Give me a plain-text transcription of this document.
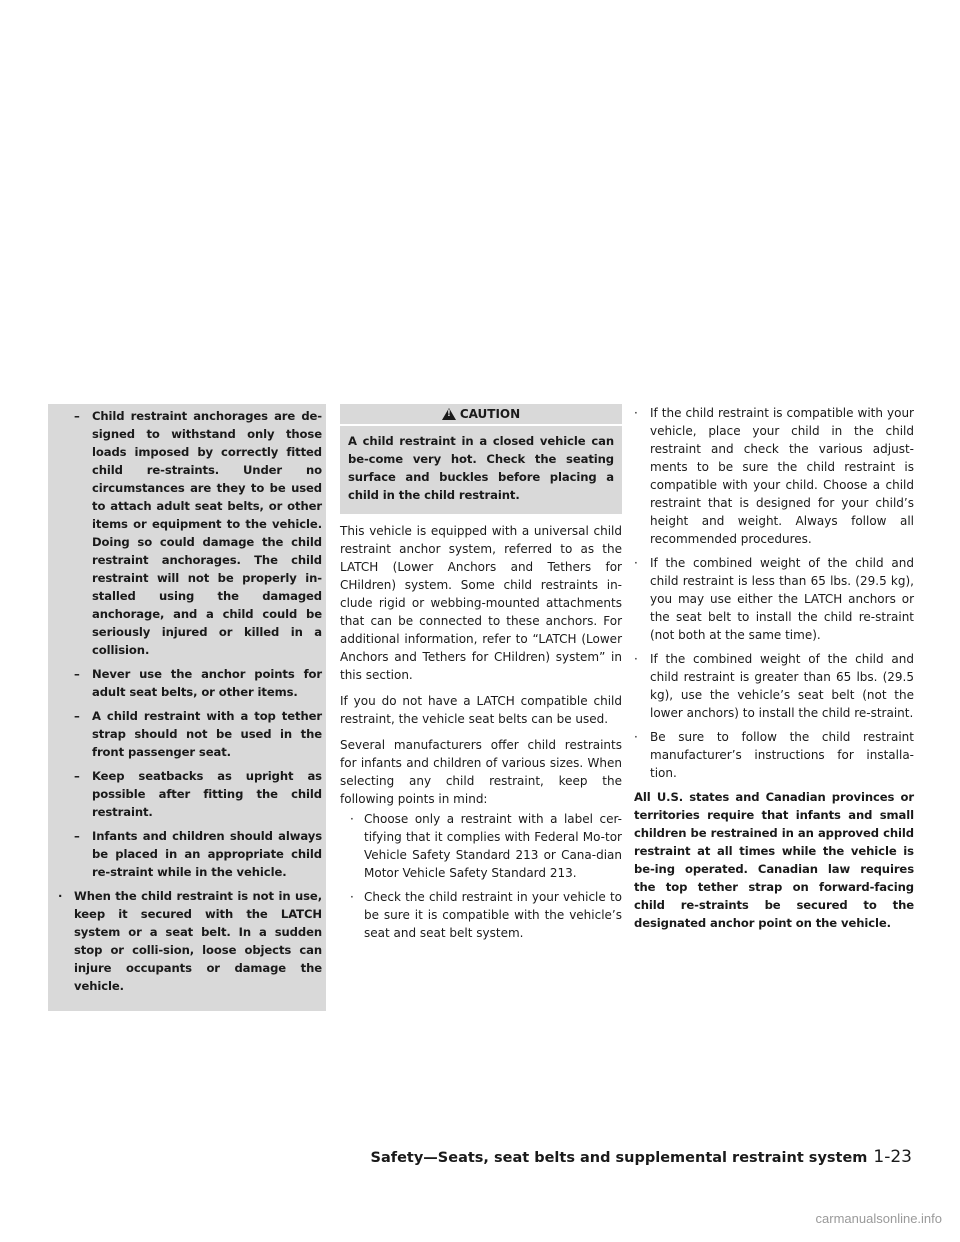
– Child restraint anchorages are de-signed to withstand only those loads imposed by correctly fitted child re-straints. Under no circumstances are they to be used to attach adult seat belts, or other items or equipment to the vehicle. Doing so could damage the child restraint anchorages. The child restraint will not be properly in-stalled using the damaged anchorage, and a child could be seriously injured or killed in a collision.
– Never use the anchor points for adult seat belts, or other items.
– A child restraint with a top tether strap should not be used in the front passenger seat.
– Keep seatbacks as upright as possible after fitting the child restraint.
– Infants and children should always be placed in an appropriate child re-straint while in the vehicle.
· When the child restraint is not in use, keep it secured with the LATCH system or a seat belt. In a sudden stop or colli-sion, loose objects can injure occupants or damage the vehicle.
!
CAUTION
A child restraint in a closed vehicle can be-come very hot. Check the seating surface and buckles before placing a child in the child restraint.

This vehicle is equipped with a universal child restraint anchor system, referred to as the LATCH (Lower Anchors and Tethers for CHildren) system. Some child restraints in-clude rigid or webbing-mounted attachments that can be connected to these anchors. For additional information, refer to “LATCH (Lower Anchors and Tethers for CHildren) system” in this section.

If you do not have a LATCH compatible child restraint, the vehicle seat belts can be used.

Several manufacturers offer child restraints for infants and children of various sizes. When selecting any child restraint, keep the following points in mind:

· Choose only a restraint with a label cer-tifying that it complies with Federal Mo-tor Vehicle Safety Standard 213 or Cana-dian Motor Vehicle Safety Standard 213.
· Check the child restraint in your vehicle to be sure it is compatible with the vehicle’s seat and seat belt system.
· If the child restraint is compatible with your vehicle, place your child in the child restraint and check the various adjust-ments to be sure the child restraint is compatible with your child. Choose a child restraint that is designed for your child’s height and weight. Always follow all recommended procedures.
· If the combined weight of the child and child restraint is less than 65 lbs. (29.5 kg), you may use either the LATCH anchors or the seat belt to install the child re-straint (not both at the same time).
· If the combined weight of the child and child restraint is greater than 65 lbs. (29.5 kg), use the vehicle’s seat belt (not the lower anchors) to install the child re-straint.
· Be sure to follow the child restraint manufacturer’s instructions for installa-tion.

All U.S. states and Canadian provinces or territories require that infants and small children be restrained in an approved child restraint at all times while the vehicle is be-ing operated. Canadian law requires the top tether strap on forward-facing child re-straints be secured to the designated anchor point on the vehicle.

Safety—Seats, seat belts and supplemental restraint system 1-23
carmanualsonline.info
